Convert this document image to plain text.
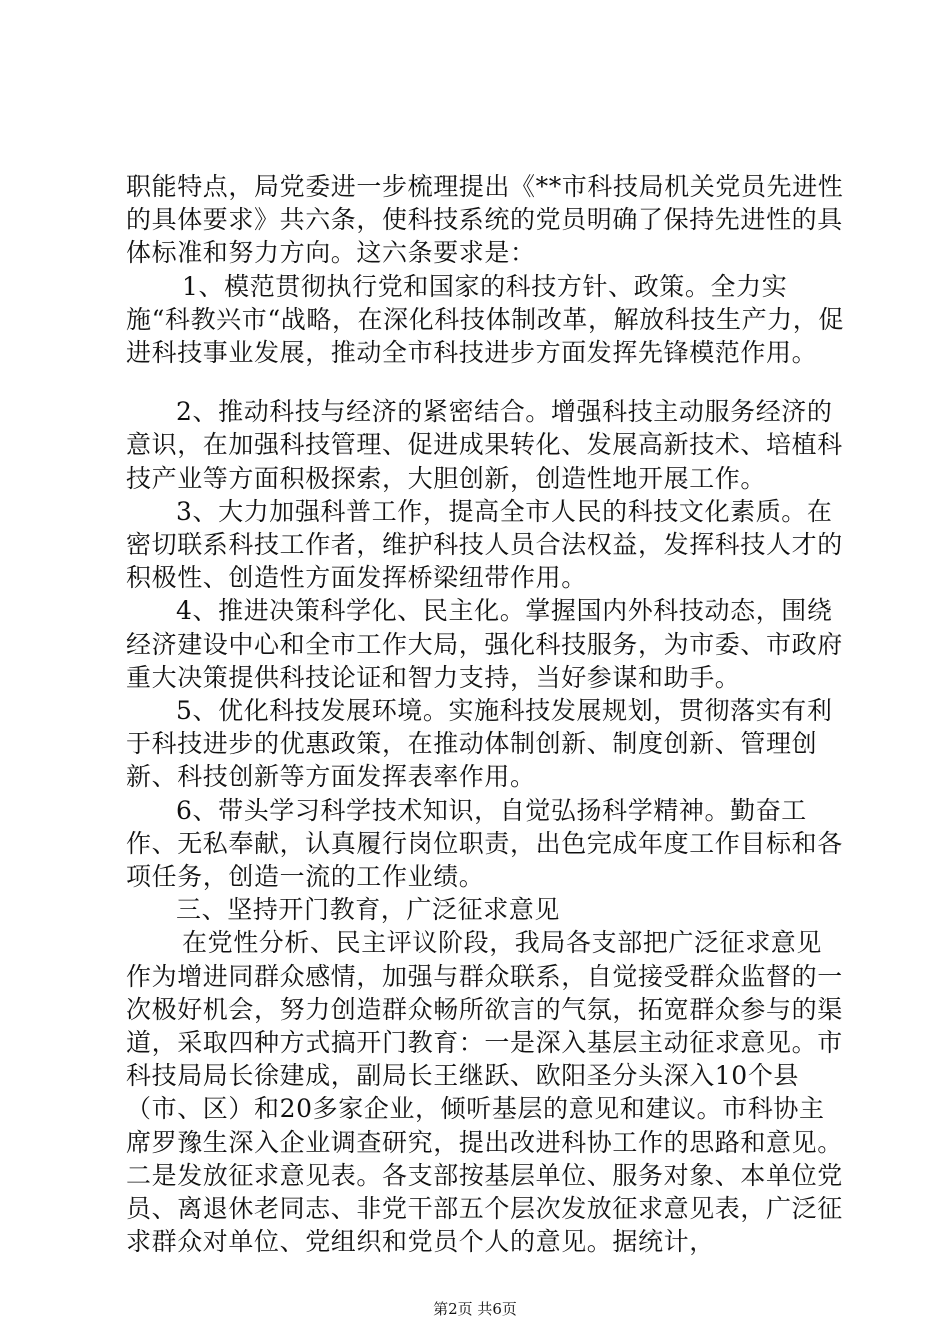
职能特点，局党委进一步梳理提出《**市科技局机关党员先进性的具体要求》共六条，使科技系统的党员明确了保持先进性的具体标准和努力方向。这六条要求是：

1、模范贯彻执行党和国家的科技方针、政策。全力实施“科教兴市“战略，在深化科技体制改革，解放科技生产力，促进科技事业发展，推动全市科技进步方面发挥先锋模范作用。

2、推动科技与经济的紧密结合。增强科技主动服务经济的意识，在加强科技管理、促进成果转化、发展高新技术、培植科技产业等方面积极探索，大胆创新，创造性地开展工作。

3、大力加强科普工作，提高全市人民的科技文化素质。在密切联系科技工作者，维护科技人员合法权益，发挥科技人才的积极性、创造性方面发挥桥梁纽带作用。

4、推进决策科学化、民主化。掌握国内外科技动态，围绕经济建设中心和全市工作大局，强化科技服务，为市委、市政府重大决策提供科技论证和智力支持，当好参谋和助手。

5、优化科技发展环境。实施科技发展规划，贯彻落实有利于科技进步的优惠政策，在推动体制创新、制度创新、管理创新、科技创新等方面发挥表率作用。

6、带头学习科学技术知识，自觉弘扬科学精神。勤奋工作、无私奉献，认真履行岗位职责，出色完成年度工作目标和各项任务，创造一流的工作业绩。

三、坚持开门教育，广泛征求意见

在党性分析、民主评议阶段，我局各支部把广泛征求意见作为增进同群众感情，加强与群众联系，自觉接受群众监督的一次极好机会，努力创造群众畅所欲言的气氛，拓宽群众参与的渠道，采取四种方式搞开门教育：一是深入基层主动征求意见。市科技局局长徐建成，副局长王继跃、欧阳圣分头深入10个县（市、区）和20多家企业，倾听基层的意见和建议。市科协主席罗豫生深入企业调查研究，提出改进科协工作的思路和意见。二是发放征求意见表。各支部按基层单位、服务对象、本单位党员、离退休老同志、非党干部五个层次发放征求意见表，广泛征求群众对单位、党组织和党员个人的意见。据统计，

第2页 共6页
